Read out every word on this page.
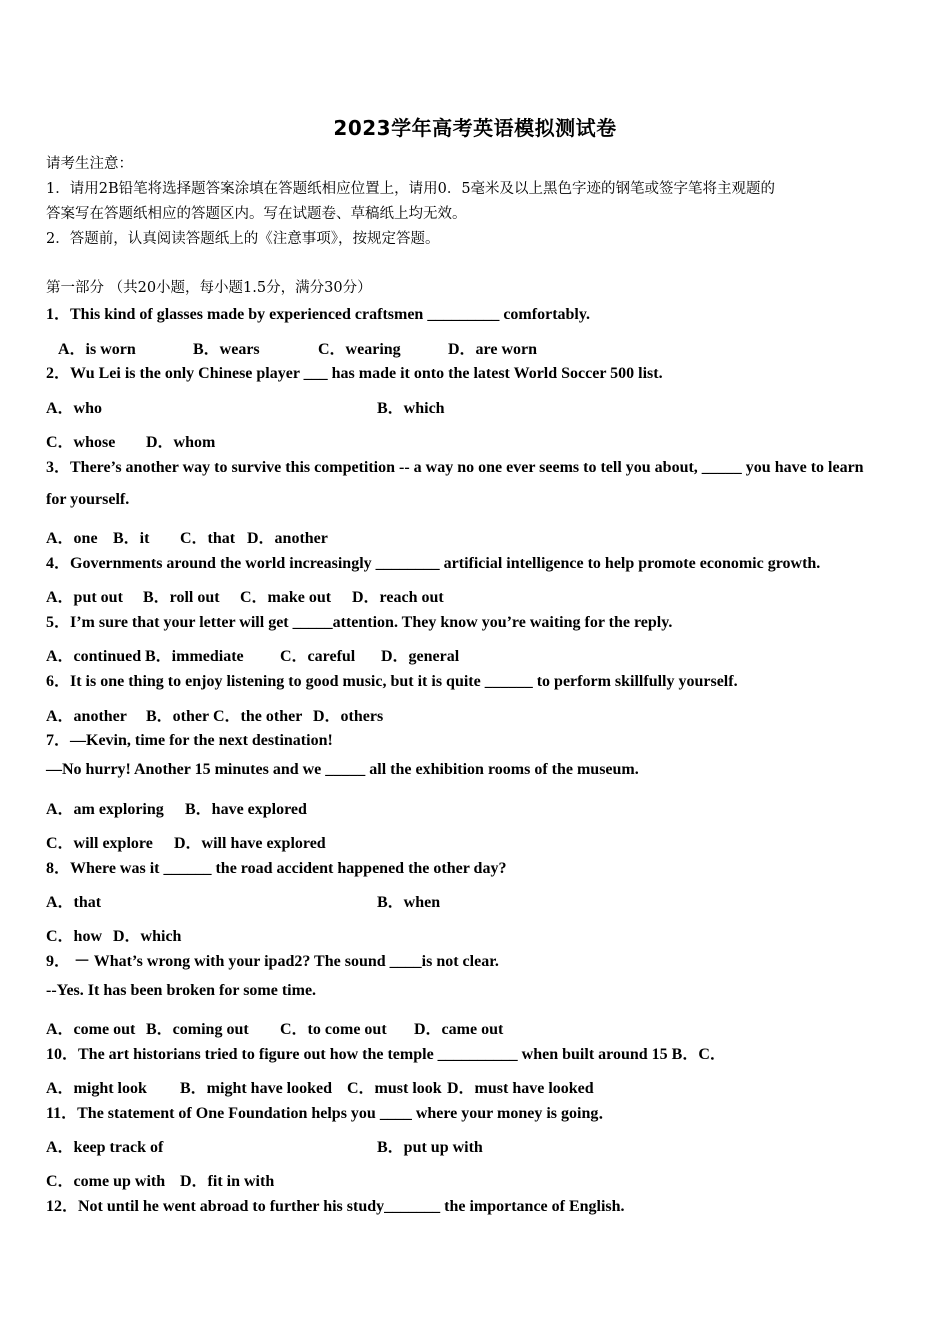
2023学年高考英语模拟测试卷
请考生注意：
1．请用2B铅笔将选择题答案涂填在答题纸相应位置上，请用0．5毫米及以上黑色字迹的钢笔或签字笔将主观题的
答案写在答题纸相应的答题区内。写在试题卷、草稿纸上均无效。
2．答题前，认真阅读答题纸上的《注意事项》，按规定答题。
第一部分 （共20小题，每小题1.5分，满分30分）
1．This kind of glasses made by experienced craftsmen _________ comfortably.
A．is worn	B．wears	C．wearing	D．are worn
2．Wu Lei is the only Chinese player ___ has made it onto the latest World Soccer 500 list.
A．who	B．which
C．whose D．whom
3．There’s another way to survive this competition -- a way no one ever seems to tell you about, _____ you have to learn
for yourself.
A．one B．it C．that D．another
4．Governments around the world increasingly ________ artificial intelligence to help promote economic growth.
A．put out B．roll out C．make out D．reach out
5．I’m sure that your letter will get _____attention. They know you’re waiting for the reply.
A．continued B．immediate C．careful D．general
6．It is one thing to enjoy listening to good music, but it is quite ______ to perform skillfully yourself.
A．another B．other C．the other D．others
7．—Kevin, time for the next destination!
—No hurry! Another 15 minutes and we _____ all the exhibition rooms of the museum.
A．am exploring B．have explored
C．will explore D．will have explored
8．Where was it ______ the road accident happened the other day?
A．that	B．when
C．how D．which
9． － What’s wrong with your ipad2? The sound ____is not clear.
--Yes. It has been broken for some time.
A．come out B．coming out C．to come out D．came out
10．The art historians tried to figure out how the temple __________ when built around 15 B．C．
A．might look B．might have looked C．must look D．must have looked
11．The statement of One Foundation helps you ____ where your money is going．
A．keep track of	B．put up with
C．come up with D．fit in with
12．Not until he went abroad to further his study_______ the importance of English.
